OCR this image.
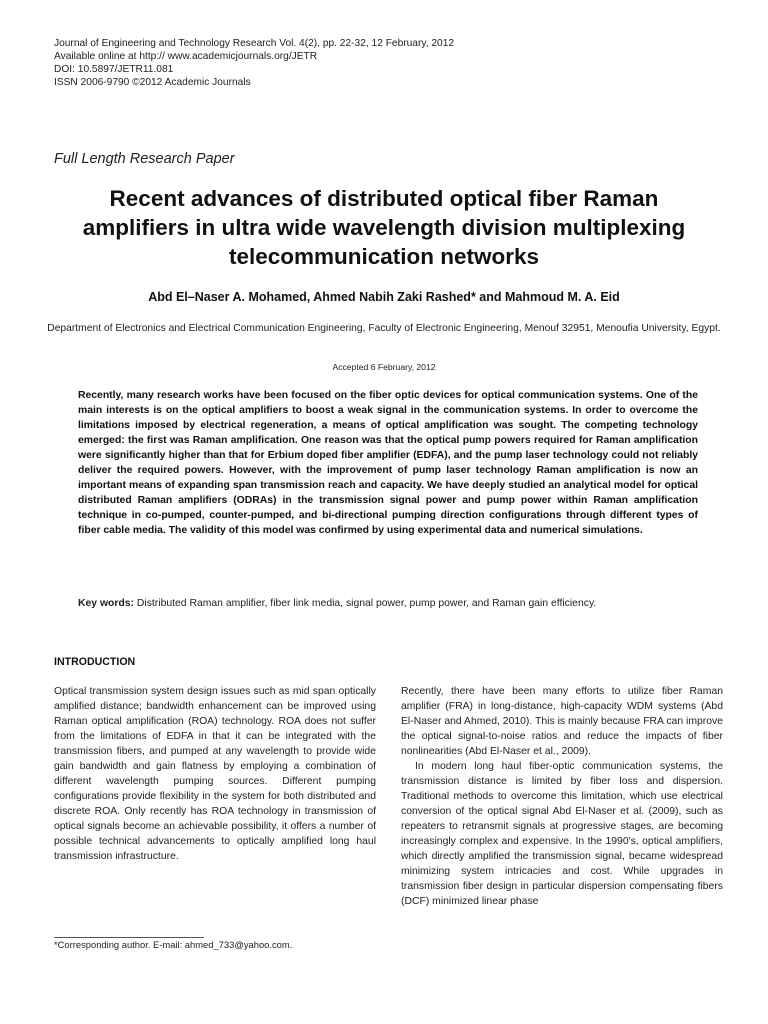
Journal of Engineering and Technology Research Vol. 4(2), pp. 22-32, 12 February, 2012
Available online at http:// www.academicjournals.org/JETR
DOI: 10.5897/JETR11.081
ISSN 2006-9790 ©2012 Academic Journals
Full Length Research Paper
Recent advances of distributed optical fiber Raman amplifiers in ultra wide wavelength division multiplexing telecommunication networks
Abd El–Naser A. Mohamed, Ahmed Nabih Zaki Rashed* and Mahmoud M. A. Eid
Department of Electronics and Electrical Communication Engineering, Faculty of Electronic Engineering, Menouf 32951, Menoufia University, Egypt.
Accepted 6 February, 2012
Recently, many research works have been focused on the fiber optic devices for optical communication systems. One of the main interests is on the optical amplifiers to boost a weak signal in the communication systems. In order to overcome the limitations imposed by electrical regeneration, a means of optical amplification was sought. The competing technology emerged: the first was Raman amplification. One reason was that the optical pump powers required for Raman amplification were significantly higher than that for Erbium doped fiber amplifier (EDFA), and the pump laser technology could not reliably deliver the required powers. However, with the improvement of pump laser technology Raman amplification is now an important means of expanding span transmission reach and capacity. We have deeply studied an analytical model for optical distributed Raman amplifiers (ODRAs) in the transmission signal power and pump power within Raman amplification technique in co-pumped, counter-pumped, and bi-directional pumping direction configurations through different types of fiber cable media. The validity of this model was confirmed by using experimental data and numerical simulations.
Key words: Distributed Raman amplifier, fiber link media, signal power, pump power, and Raman gain efficiency.
INTRODUCTION

Optical transmission system design issues such as mid span optically amplified distance; bandwidth enhancement can be improved using Raman optical amplification (ROA) technology. ROA does not suffer from the limitations of EDFA in that it can be integrated with the transmission fibers, and pumped at any wavelength to provide wide gain bandwidth and gain flatness by employing a combination of different wavelength pumping sources. Different pumping configurations provide flexibility in the system for both distributed and discrete ROA. Only recently has ROA technology in transmission of optical signals become an achievable possibility, it offers a number of possible technical advancements to optically amplified long haul transmission infrastructure.

Recently, there have been many efforts to utilize fiber Raman amplifier (FRA) in long-distance, high-capacity WDM systems (Abd El-Naser and Ahmed, 2010). This is mainly because FRA can improve the optical signal-to-noise ratios and reduce the impacts of fiber nonlinearities (Abd El-Naser et al., 2009).

In modern long haul fiber-optic communication systems, the transmission distance is limited by fiber loss and dispersion. Traditional methods to overcome this limitation, which use electrical conversion of the optical signal Abd El-Naser et al. (2009), such as repeaters to retransmit signals at progressive stages, are becoming increasingly complex and expensive. In the 1990's, optical amplifiers, which directly amplified the transmission signal, became widespread minimizing system intricacies and cost. While upgrades in transmission fiber design in particular dispersion compensating fibers (DCF) minimized linear phase

*Corresponding author. E-mail: ahmed_733@yahoo.com.
